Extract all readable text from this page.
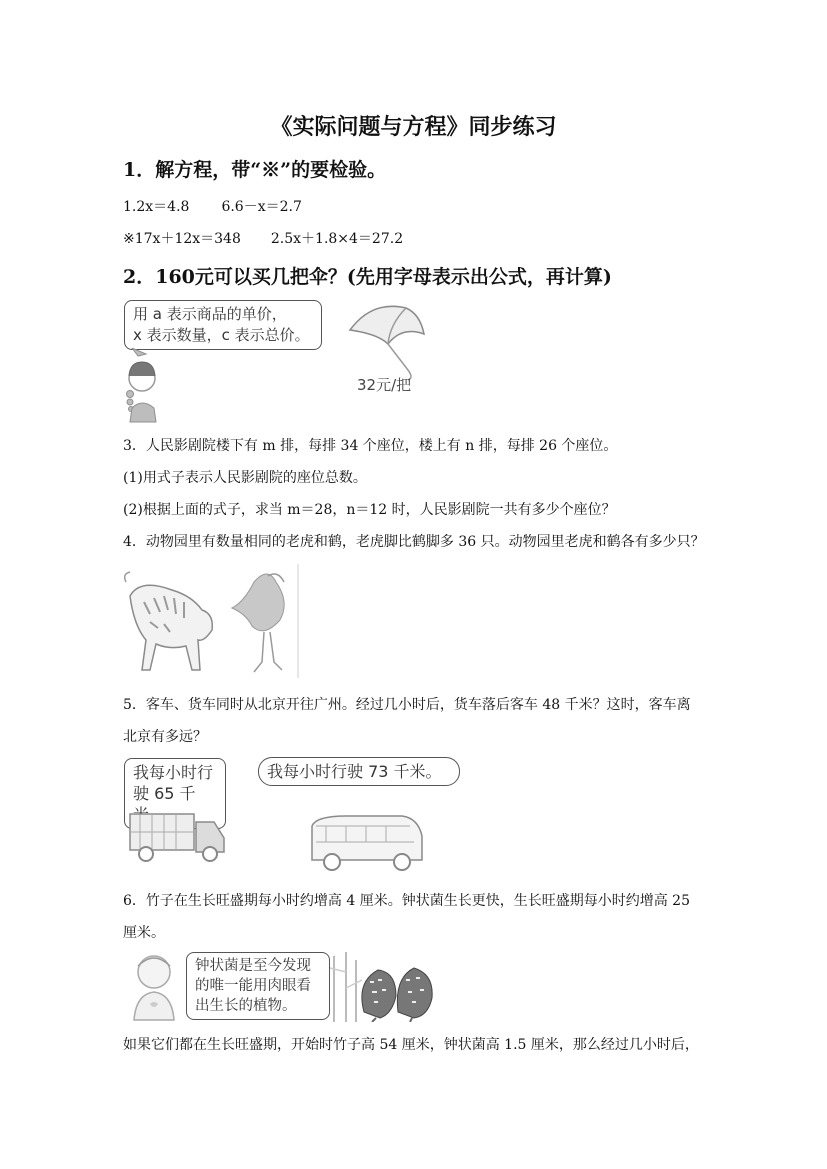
《实际问题与方程》同步练习
1．解方程，带“※”的要检验。
1.2x＝4.8 6.6－x＝2.7
※17x＋12x＝348 2.5x＋1.8×4＝27.2
2．160元可以买几把伞？(先用字母表示出公式，再计算)
用 a 表示商品的单价，
x 表示数量，c 表示总价。
32元/把
3．人民影剧院楼下有 m 排，每排 34 个座位，楼上有 n 排，每排 26 个座位。
(1)用式子表示人民影剧院的座位总数。
(2)根据上面的式子，求当 m＝28，n＝12 时，人民影剧院一共有多少个座位？
4．动物园里有数量相同的老虎和鹤，老虎脚比鹤脚多 36 只。动物园里老虎和鹤各有多少只？
5．客车、货车同时从北京开往广州。经过几小时后，货车落后客车 48 千米？这时，客车离
北京有多远？
我每小时行
驶 65 千
我每小时行驶 73 千米。
6．竹子在生长旺盛期每小时约增高 4 厘米。钟状菌生长更快，生长旺盛期每小时约增高 25
厘米。
钟状菌是至今发现
的唯一能用肉眼看
出生长的植物。
如果它们都在生长旺盛期，开始时竹子高 54 厘米，钟状菌高 1.5 厘米，那么经过几小时后，
